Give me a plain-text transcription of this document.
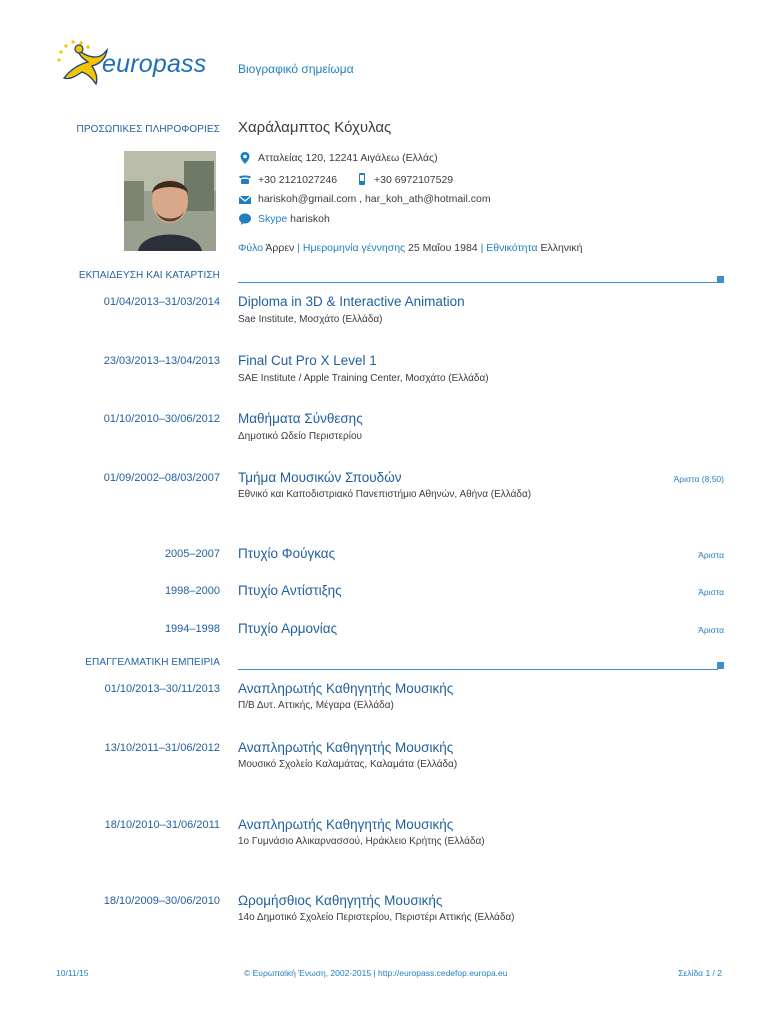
europass	Βιογραφικό σημείωμα
ΠΡΟΣΩΠΙΚΕΣ ΠΛΗΡΟΦΟΡΙΕΣ Χαράλαμπτος Κόχυλας
Ατταλείας 120, 12241 Αιγάλεω (Ελλάς)
+30 2121027246	+30 6972107529
hariskoh@gmail.com , har_koh_ath@hotmail.com
Skype hariskoh
Φύλο Άρρεν | Ημερομηνία γέννησης 25 Μαΐου 1984 | Εθνικότητα Ελληνική
ΕΚΠΑΙΔΕΥΣΗ ΚΑΙ ΚΑΤΑΡΤΙΣΗ
01/04/2013–31/03/2014 Diploma in 3D & Interactive Animation
Sae Institute, Μοσχάτο (Ελλάδα)
23/03/2013–13/04/2013 Final Cut Pro X Level 1
SAE Institute / Apple Training Center, Μοσχάτο (Ελλάδα)
01/10/2010–30/06/2012 Μαθήματα Σύνθεσης
Δημοτικό Ωδείο Περιστερίου
01/09/2002–08/03/2007 Τμήμα Μουσικών Σπουδών	Άριστα (8,50)
Εθνικό και Καποδιστριακό Πανεπιστήμιο Αθηνών, Αθήνα (Ελλάδα)
2005–2007 Πτυχίο Φούγκας	Άριστα
1998–2000 Πτυχίο Αντίστιξης	Άριστα
1994–1998 Πτυχίο Αρμονίας	Άριστα
ΕΠΑΓΓΕΛΜΑΤΙΚΗ ΕΜΠΕΙΡΙΑ
01/10/2013–30/11/2013 Αναπληρωτής Καθηγητής Μουσικής
Π/Β Δυτ. Αττικής, Μέγαρα (Ελλάδα)
13/10/2011–31/06/2012 Αναπληρωτής Καθηγητής Μουσικής
Μουσικό Σχολείο Καλαμάτας, Καλαμάτα (Ελλάδα)
18/10/2010–31/06/2011 Αναπληρωτής Καθηγητής Μουσικής
1ο Γυμνάσιο Αλικαρνασσού, Ηράκλειο Κρήτης (Ελλάδα)
18/10/2009–30/06/2010 Ωρομήσθιος Καθηγητής Μουσικής
14ο Δημοτικό Σχολείο Περιστερίου, Περιστέρι Αττικής (Ελλάδα)
10/11/15	© Ευρωπαϊκή Ένωση, 2002-2015 | http://europass.cedefop.europa.eu	Σελίδα 1 / 2
